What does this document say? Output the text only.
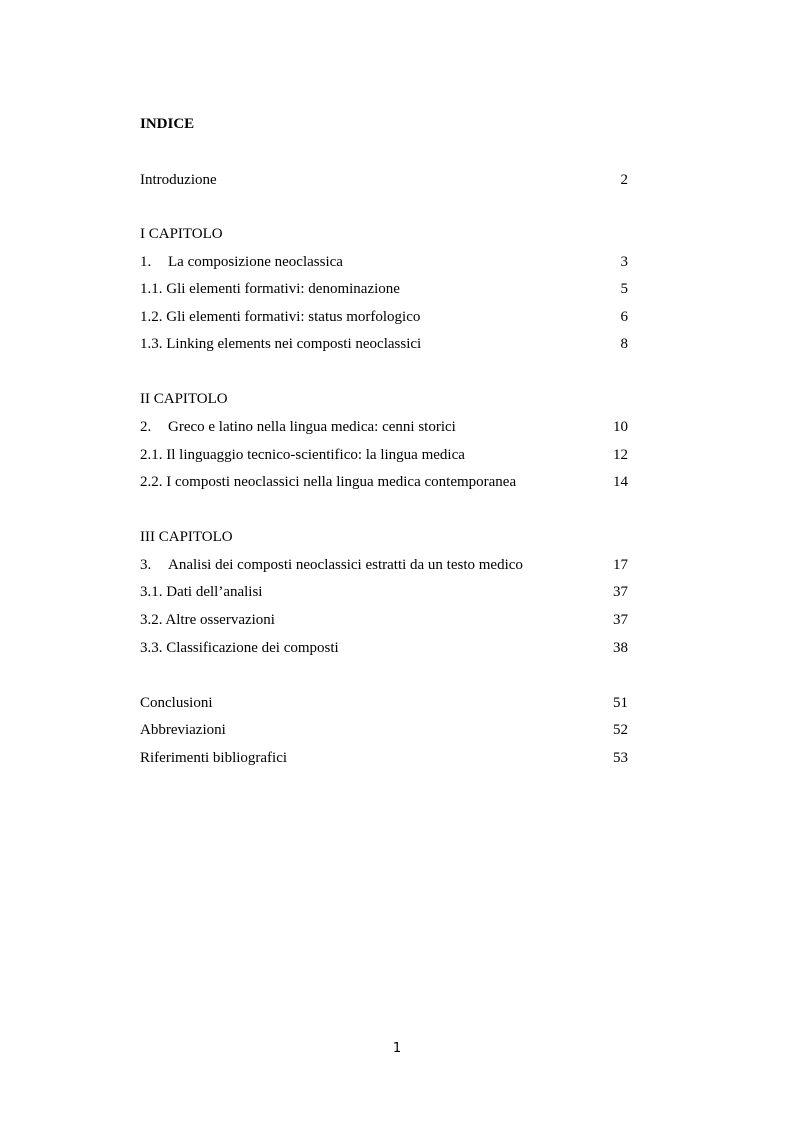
INDICE
Introduzione	2
I CAPITOLO
1. La composizione neoclassica	3
1.1. Gli elementi formativi: denominazione	5
1.2. Gli elementi formativi: status morfologico	6
1.3. Linking elements nei composti neoclassici	8
II CAPITOLO
2. Greco e latino nella lingua medica: cenni storici	10
2.1. Il linguaggio tecnico-scientifico: la lingua medica	12
2.2. I composti neoclassici nella lingua medica contemporanea	14
III CAPITOLO
3. Analisi dei composti neoclassici estratti da un testo medico	17
3.1. Dati dell’analisi	37
3.2. Altre osservazioni	37
3.3. Classificazione dei composti	38
Conclusioni	51
Abbreviazioni	52
Riferimenti bibliografici	53
1
